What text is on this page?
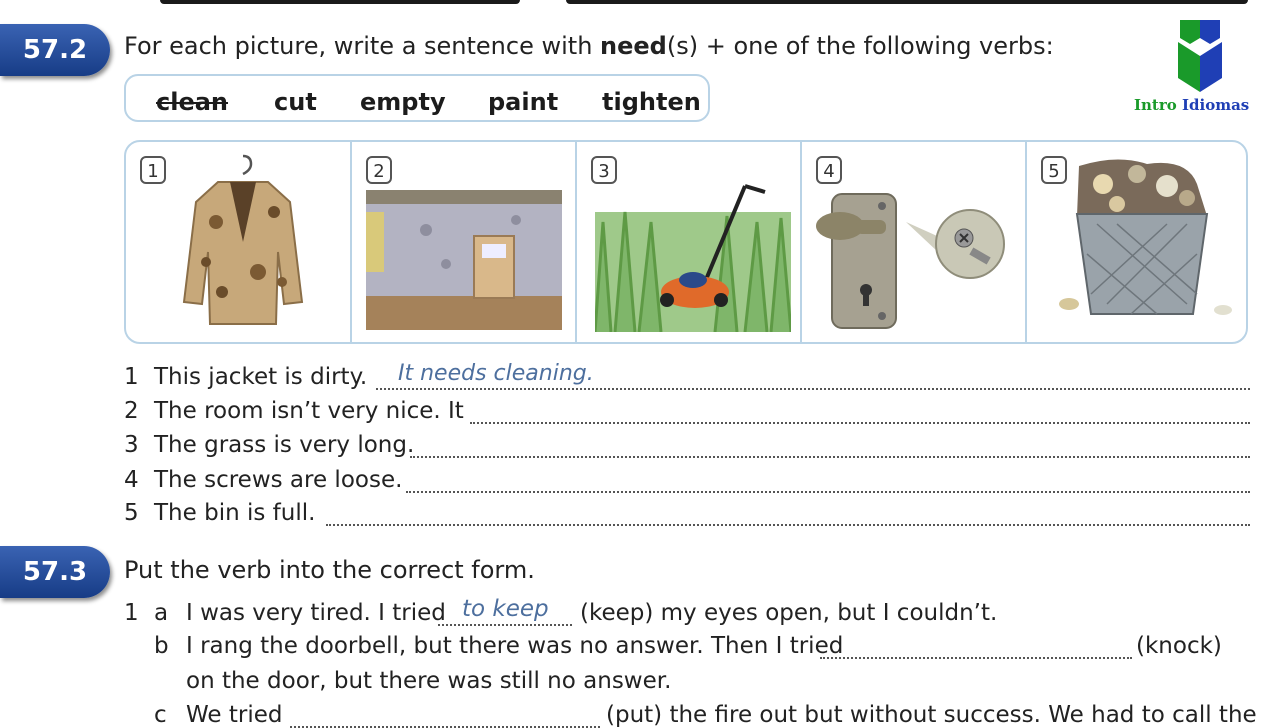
57.2	For each picture, write a sentence with need(s) + one of the following verbs:
clean cut empty paint tighten	Intro Idiomas
1	2	3	4	5
1 This jacket is dirty. It needs cleaning.
2 The room isn’t very nice. It
3 The grass is very long.
4 The screws are loose.
5 The bin is full.
57.3	Put the verb into the correct form.
1 a I was very tired. I tried to keep (keep) my eyes open, but I couldn’t.
b I rang the doorbell, but there was no answer. Then I tried	(knock)
on the door, but there was still no answer.
c We tried	(put) the fire out but without success. We had to call the
